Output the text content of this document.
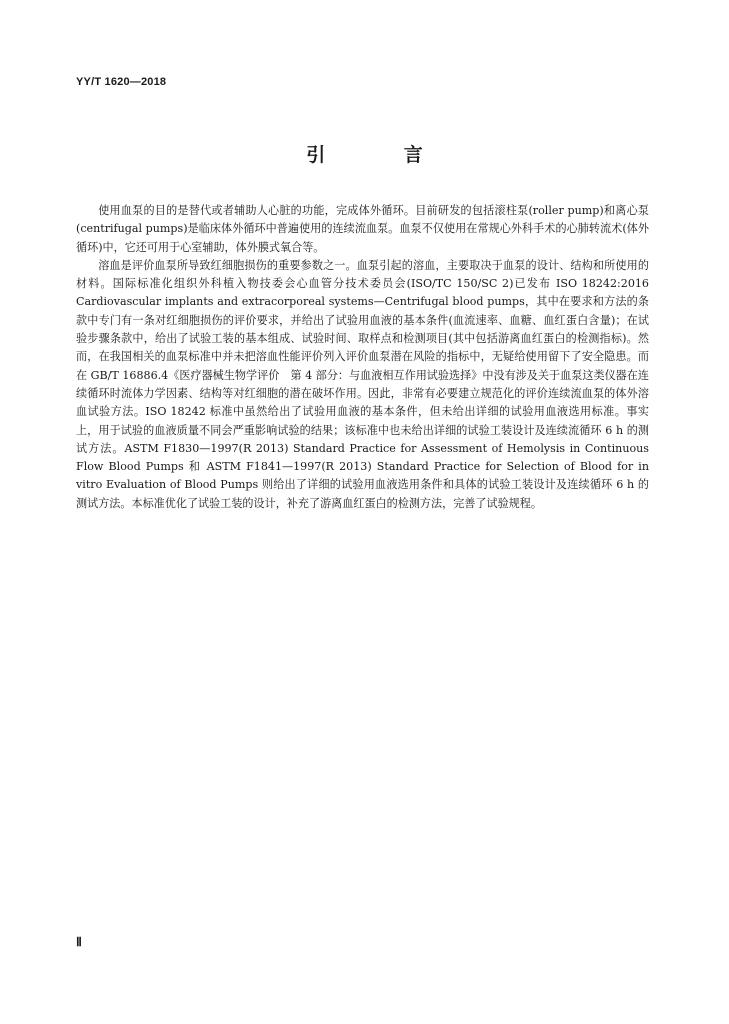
YY/T 1620—2018
引 言

使用血泵的目的是替代或者辅助人心脏的功能，完成体外循环。目前研发的包括滚柱泵(roller pump)和离心泵(centrifugal pumps)是临床体外循环中普遍使用的连续流血泵。血泵不仅使用在常规心外科手术的心肺转流术(体外循环)中，它还可用于心室辅助，体外膜式氧合等。

溶血是评价血泵所导致红细胞损伤的重要参数之一。血泵引起的溶血，主要取决于血泵的设计、结构和所使用的材料。国际标准化组织外科植入物技委会心血管分技术委员会(ISO/TC 150/SC 2)已发布 ISO 18242:2016 Cardiovascular implants and extracorporeal systems—Centrifugal blood pumps，其中在要求和方法的条款中专门有一条对红细胞损伤的评价要求，并给出了试验用血液的基本条件(血流速率、血糖、血红蛋白含量)；在试验步骤条款中，给出了试验工装的基本组成、试验时间、取样点和检测项目(其中包括游离血红蛋白的检测指标)。然而，在我国相关的血泵标准中并未把溶血性能评价列入评价血泵潜在风险的指标中，无疑给使用留下了安全隐患。而在 GB/T 16886.4《医疗器械生物学评价　第 4 部分：与血液相互作用试验选择》中没有涉及关于血泵这类仪器在连续循环时流体力学因素、结构等对红细胞的潜在破坏作用。因此，非常有必要建立规范化的评价连续流血泵的体外溶血试验方法。ISO 18242 标准中虽然给出了试验用血液的基本条件，但未给出详细的试验用血液选用标准。事实上，用于试验的血液质量不同会严重影响试验的结果；该标准中也未给出详细的试验工装设计及连续流循环 6 h 的测试方法。ASTM F1830—1997(R 2013) Standard Practice for Assessment of Hemolysis in Continuous Flow Blood Pumps 和 ASTM F1841—1997(R 2013) Standard Practice for Selection of Blood for in vitro Evaluation of Blood Pumps 则给出了详细的试验用血液选用条件和具体的试验工装设计及连续循环 6 h 的测试方法。本标准优化了试验工装的设计，补充了游离血红蛋白的检测方法，完善了试验规程。

Ⅱ
